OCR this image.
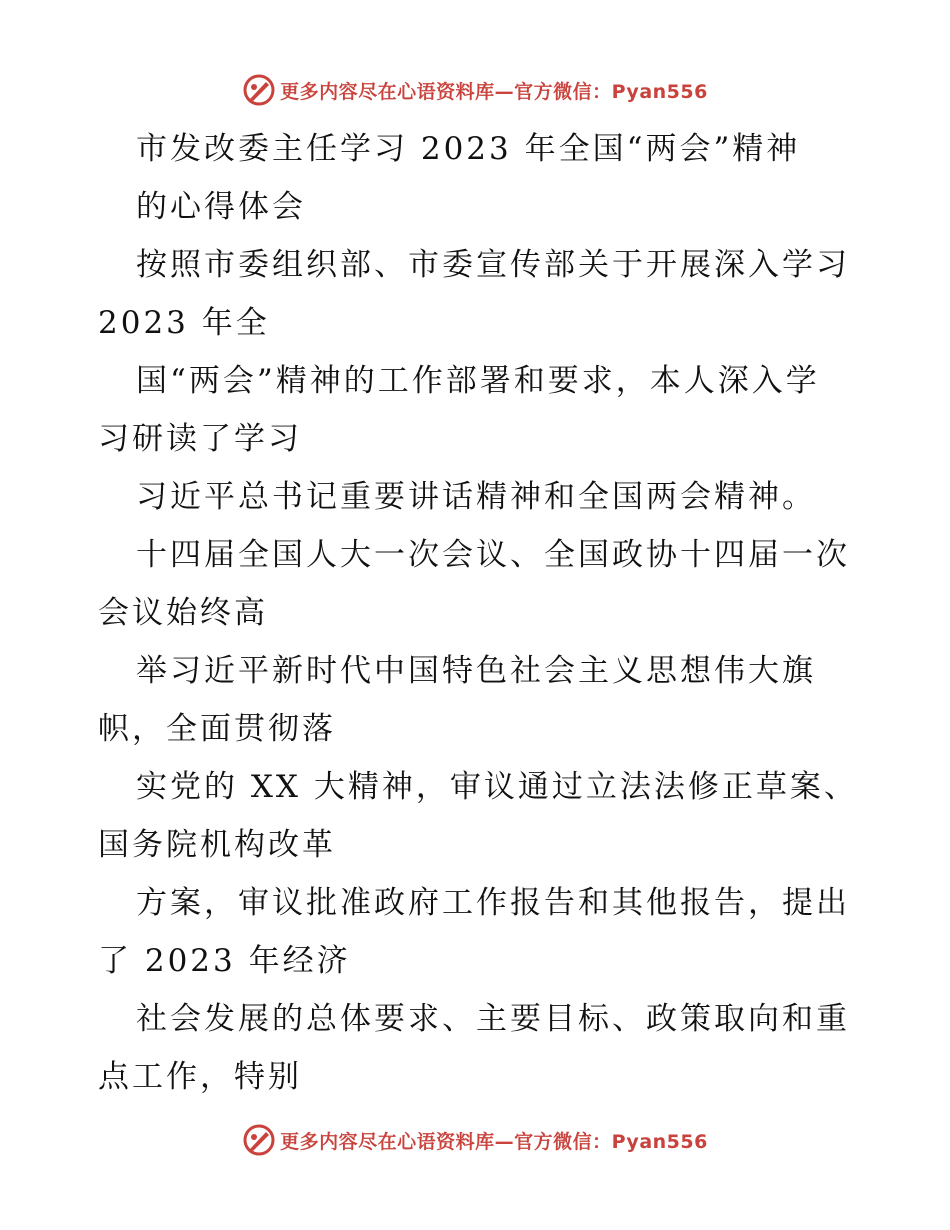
更多内容尽在心语资料库—官方微信：Pyan556

市发改委主任学习 2023 年全国“两会”精神
的心得体会

按照市委组织部、市委宣传部关于开展深入学习
2023 年全

国“两会”精神的工作部署和要求，本人深入学
习研读了学习

习近平总书记重要讲话精神和全国两会精神。

十四届全国人大一次会议、全国政协十四届一次
会议始终高

举习近平新时代中国特色社会主义思想伟大旗
帜，全面贯彻落

实党的 XX 大精神，审议通过立法法修正草案、
国务院机构改革

方案，审议批准政府工作报告和其他报告，提出
了 2023 年经济

社会发展的总体要求、主要目标、政策取向和重
点工作，特别

更多内容尽在心语资料库—官方微信：Pyan556
